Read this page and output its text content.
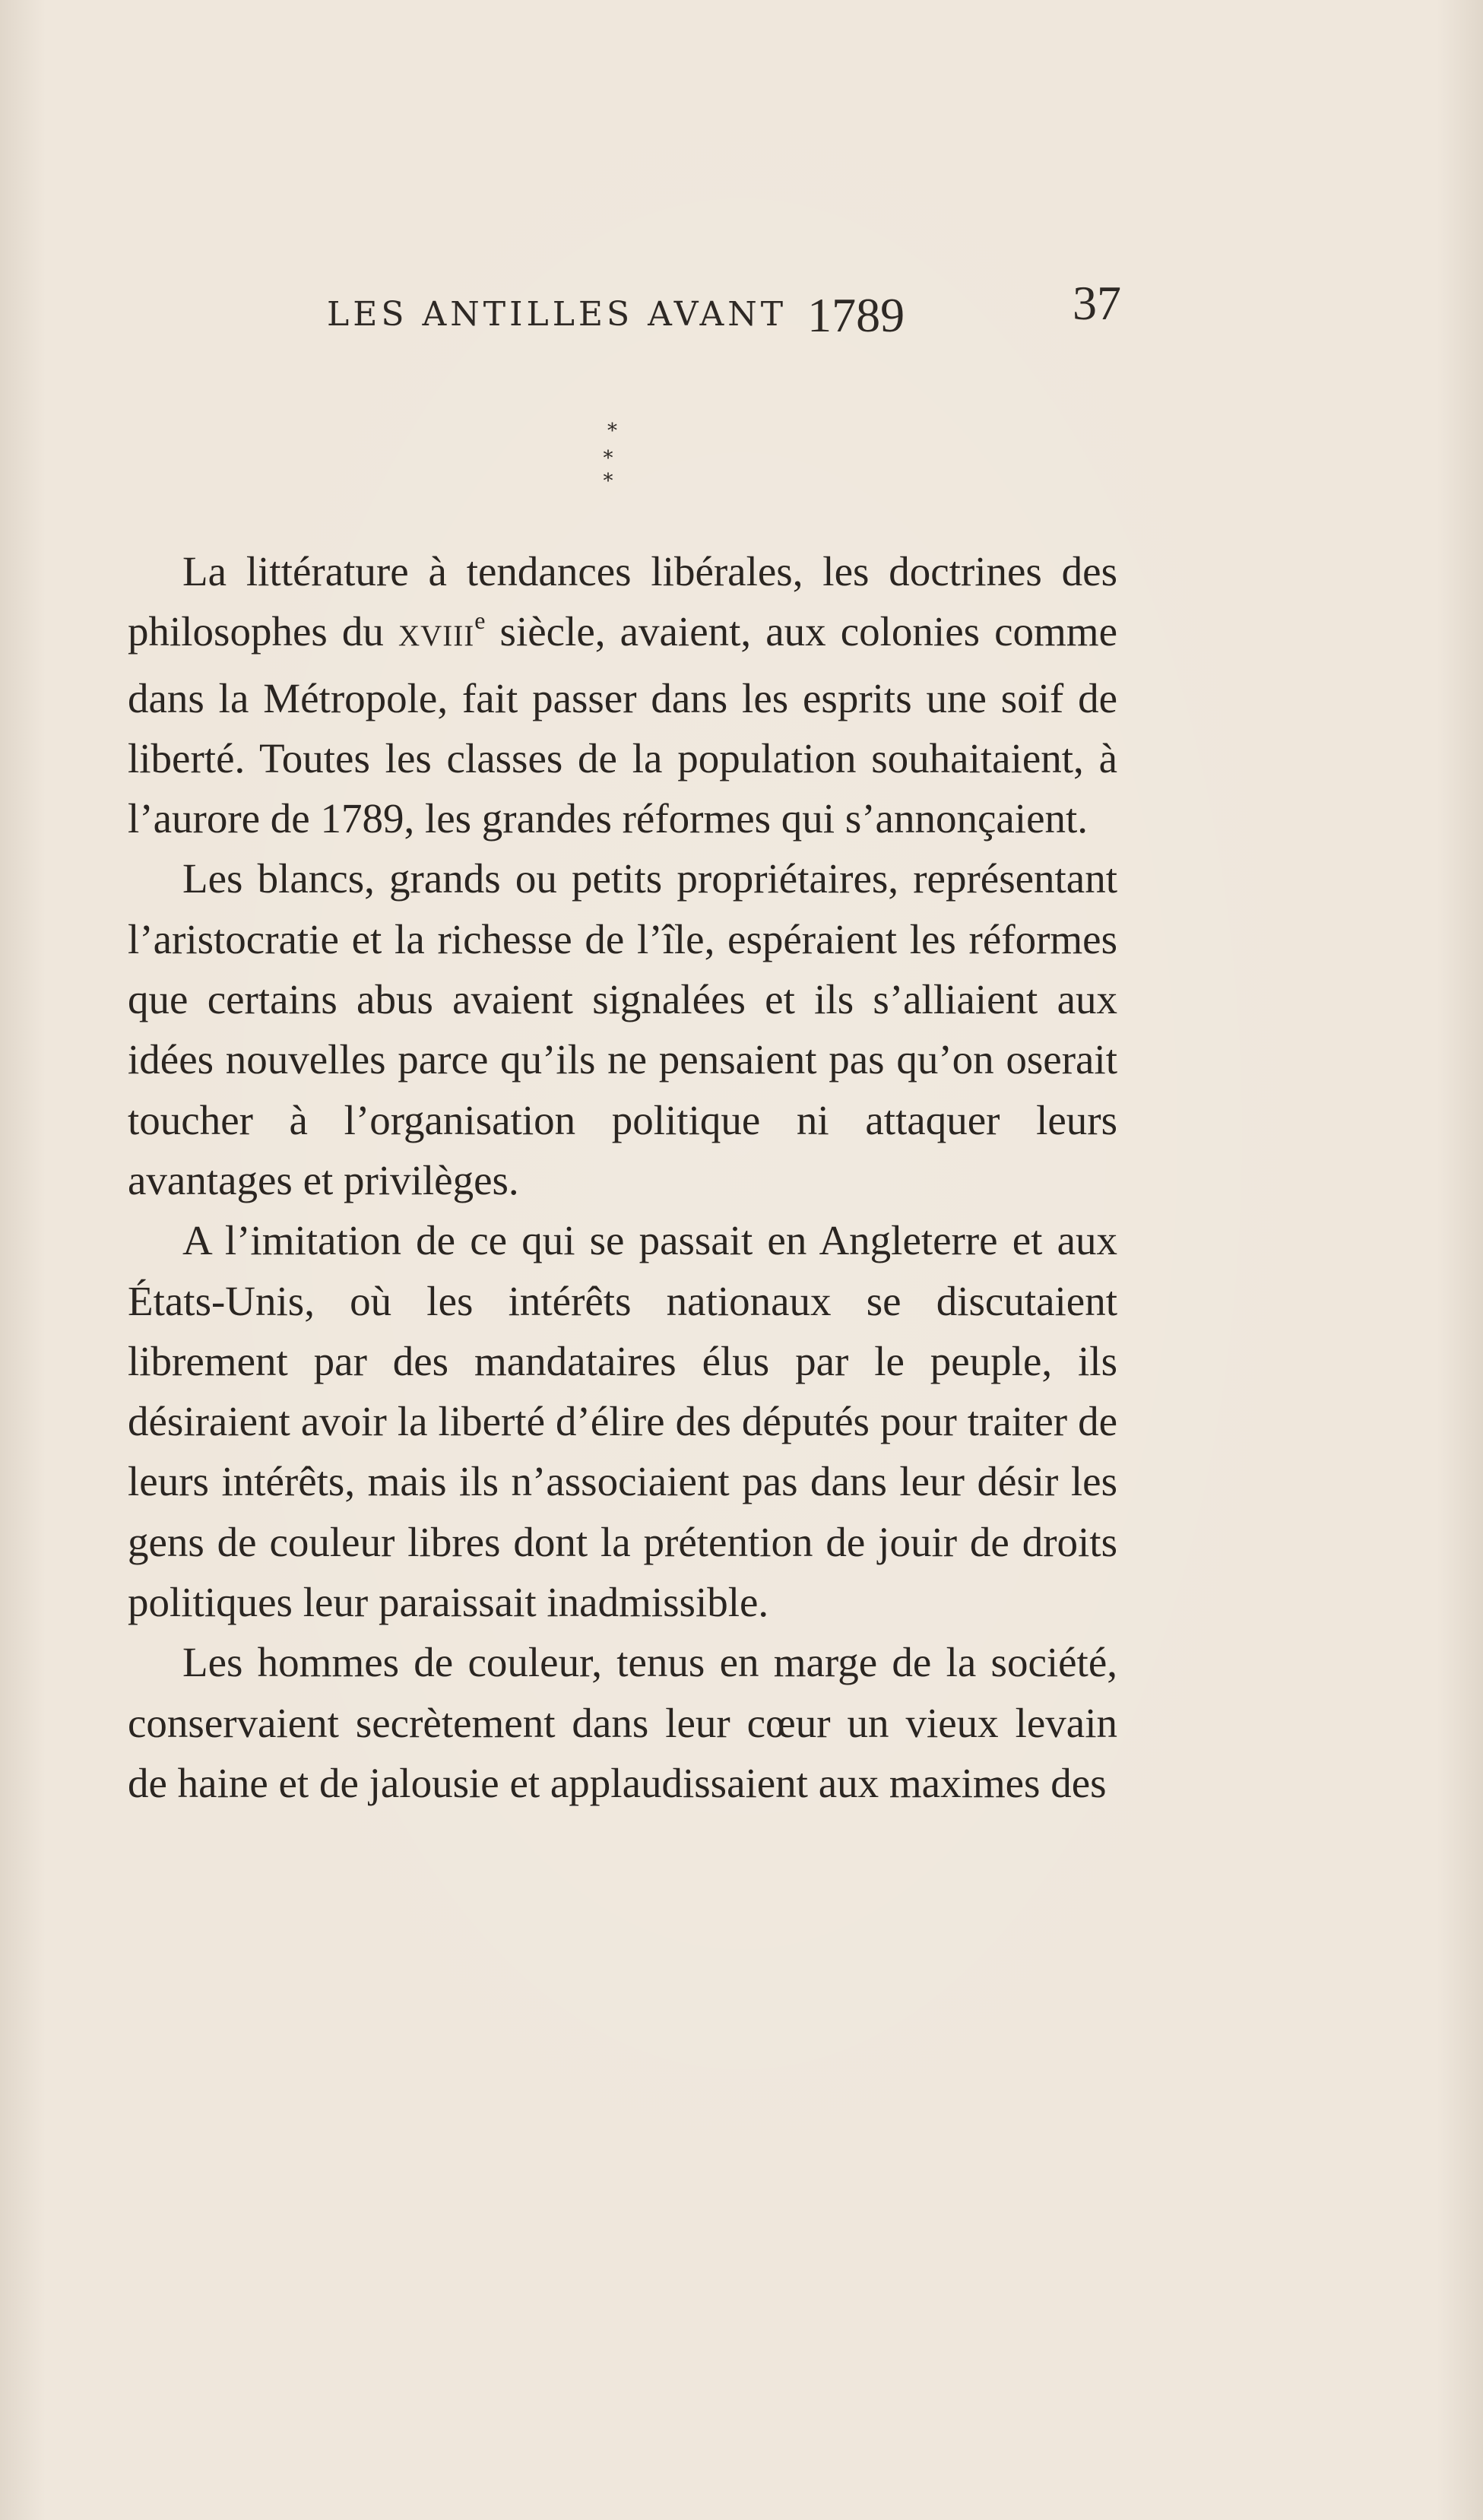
LES ANTILLES AVANT 1789	37
*
* *

La littérature à tendances libérales, les doctrines des philosophes du xviii$^e$ siècle, avaient, aux colonies comme dans la Métropole, fait passer dans les esprits une soif de liberté. Toutes les classes de la population souhaitaient, à l’aurore de 1789, les grandes réformes qui s’annonçaient.

Les blancs, grands ou petits propriétaires, représentant l’aristocratie et la richesse de l’île, espéraient les réformes que certains abus avaient signalées et ils s’alliaient aux idées nouvelles parce qu’ils ne pensaient pas qu’on oserait toucher à l’organisation politique ni attaquer leurs avantages et privilèges.

A l’imitation de ce qui se passait en Angleterre et aux États-Unis, où les intérêts nationaux se discutaient librement par des mandataires élus par le peuple, ils désiraient avoir la liberté d’élire des députés pour traiter de leurs intérêts, mais ils n’associaient pas dans leur désir les gens de couleur libres dont la prétention de jouir de droits politiques leur paraissait inadmissible.

Les hommes de couleur, tenus en marge de la société, conservaient secrètement dans leur cœur un vieux levain de haine et de jalousie et applaudissaient aux maximes des
